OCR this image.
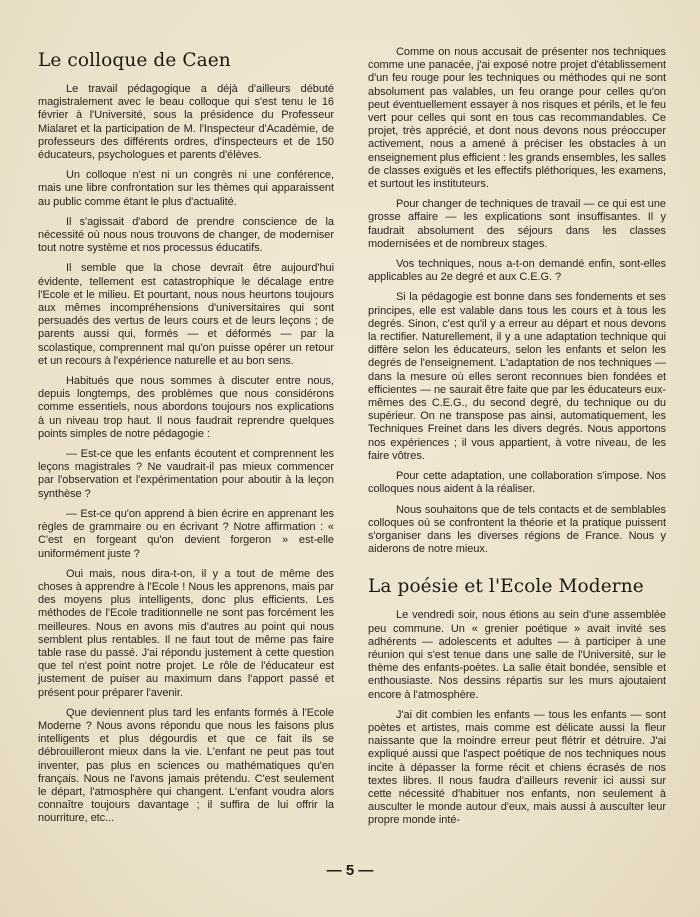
Le colloque de Caen

Le travail pédagogique a déjà d'ailleurs débuté magistralement avec le beau colloque qui s'est tenu le 16 février à l'Université, sous la présidence du Professeur Mialaret et la participation de M. l'Inspecteur d'Académie, de professeurs des différents ordres, d'inspecteurs et de 150 éducateurs, psychologues et parents d'élèves.

Un colloque n'est ni un congrès ni une conférence, mais une libre confrontation sur les thèmes qui apparaissent au public comme étant le plus d'actualité.

Il s'agissait d'abord de prendre conscience de la nécessité où nous nous trouvons de changer, de moderniser tout notre système et nos processus éducatifs.

Il semble que la chose devrait être aujourd'hui évidente, tellement est catastrophique le décalage entre l'Ecole et le milieu. Et pourtant, nous nous heurtons toujours aux mêmes incompréhensions d'universitaires qui sont persuadés des vertus de leurs cours et de leurs leçons ; de parents aussi qui, formés — et déformés — par la scolastique, comprennent mal qu'on puisse opérer un retour et un recours à l'expérience naturelle et au bon sens.

Habitués que nous sommes à discuter entre nous, depuis longtemps, des problèmes que nous considérons comme essentiels, nous abordons toujours nos explications à un niveau trop haut. Il nous faudrait reprendre quelques points simples de notre pédagogie :

— Est-ce que les enfants écoutent et comprennent les leçons magistrales ? Ne vaudrait-il pas mieux commencer par l'observation et l'expérimentation pour aboutir à la leçon synthèse ?

— Est-ce qu'on apprend à bien écrire en apprenant les règles de grammaire ou en écrivant ? Notre affirmation : « C'est en forgeant qu'on devient forgeron » est-elle uniformément juste ?

Oui mais, nous dira-t-on, il y a tout de même des choses à apprendre à l'Ecole ! Nous les apprenons, mais par des moyens plus intelligents, donc plus efficients. Les méthodes de l'Ecole traditionnelle ne sont pas forcément les meilleures. Nous en avons mis d'autres au point qui nous semblent plus rentables. Il ne faut tout de même pas faire table rase du passé. J'ai répondu justement à cette question que tel n'est point notre projet. Le rôle de l'éducateur est justement de puiser au maximum dans l'apport passé et présent pour préparer l'avenir.

Que deviennent plus tard les enfants formés à l'Ecole Moderne ? Nous avons répondu que nous les faisons plus intelligents et plus dégourdis et que ce fait ils se débrouilleront mieux dans la vie. L'enfant ne peut pas tout inventer, pas plus en sciences ou mathématiques qu'en français. Nous ne l'avons jamais prétendu. C'est seulement le départ, l'atmosphère qui changent. L'enfant voudra alors connaître toujours davantage ; il suffira de lui offrir la nourriture, etc...

Comme on nous accusait de présenter nos techniques comme une panacée, j'ai exposé notre projet d'établissement d'un feu rouge pour les techniques ou méthodes qui ne sont absolument pas valables, un feu orange pour celles qu'on peut éventuellement essayer à nos risques et périls, et le feu vert pour celles qui sont en tous cas recommandables. Ce projet, très apprécié, et dont nous devons nous préoccuper activement, nous a amené à préciser les obstacles à un enseignement plus efficient : les grands ensembles, les salles de classes exiguës et les effectifs pléthoriques, les examens, et surtout les instituteurs.

Pour changer de techniques de travail — ce qui est une grosse affaire — les explications sont insuffisantes. Il y faudrait absolument des séjours dans les classes modernisées et de nombreux stages.

Vos techniques, nous a-t-on demandé enfin, sont-elles applicables au 2e degré et aux C.E.G. ?

Si la pédagogie est bonne dans ses fondements et ses principes, elle est valable dans tous les cours et à tous les degrés. Sinon, c'est qu'il y a erreur au départ et nous devons la rectifier. Naturellement, il y a une adaptation technique qui diffère selon les éducateurs, selon les enfants et selon les degrés de l'enseignement. L'adaptation de nos techniques — dans la mesure où elles seront reconnues bien fondées et efficientes — ne saurait être faite que par les éducateurs eux-mêmes des C.E.G., du second degré, du technique ou du supérieur. On ne transpose pas ainsi, automatiquement, les Techniques Freinet dans les divers degrés. Nous apportons nos expériences ; il vous appartient, à votre niveau, de les faire vôtres.

Pour cette adaptation, une collaboration s'impose. Nos colloques nous aident à la réaliser.

Nous souhaitons que de tels contacts et de semblables colloques où se confrontent la théorie et la pratique puissent s'organiser dans les diverses régions de France. Nous y aiderons de notre mieux.

La poésie et l'Ecole Moderne

Le vendredi soir, nous étions au sein d'une assemblée peu commune. Un « grenier poétique » avait invité ses adhérents — adolescents et adultes — à participer à une réunion qui s'est tenue dans une salle de l'Université, sur le thème des enfants-poètes. La salle était bondée, sensible et enthousiaste. Nos dessins répartis sur les murs ajoutaient encore à l'atmosphère.

J'ai dit combien les enfants — tous les enfants — sont poètes et artistes, mais comme est délicate aussi la fleur naissante que la moindre erreur peut flétrir et détruire. J'ai expliqué aussi que l'aspect poétique de nos techniques nous incite à dépasser la forme récit et chiens écrasés de nos textes libres. Il nous faudra d'ailleurs revenir ici aussi sur cette nécessité d'habituer nos enfants, non seulement à ausculter le monde autour d'eux, mais aussi à ausculter leur propre monde inté-

— 5 —
